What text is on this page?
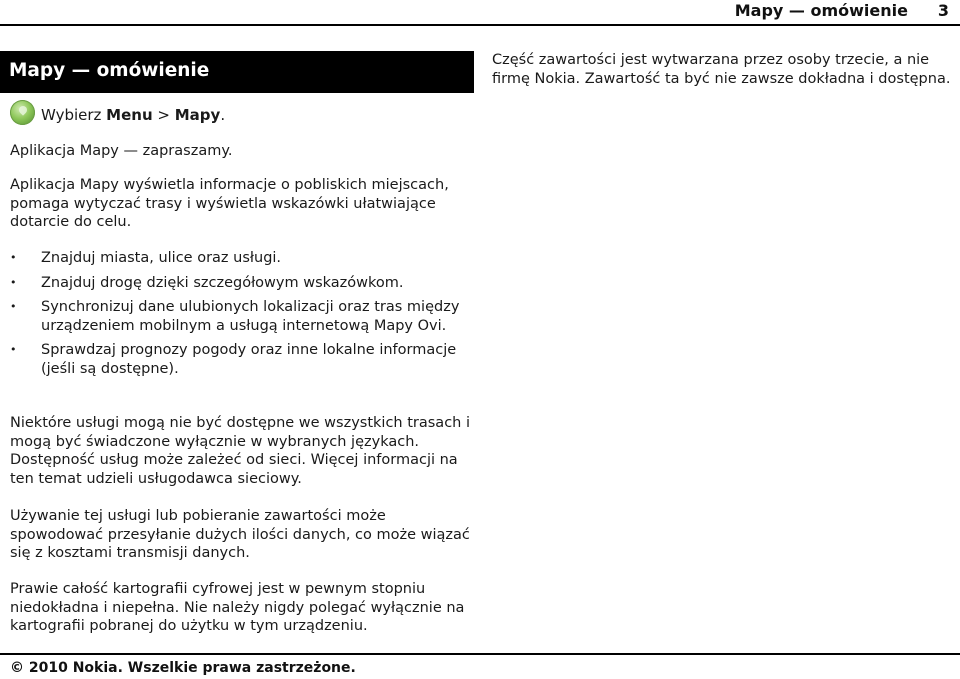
Mapy — omówienie 3
Mapy — omówienie
Wybierz Menu > Mapy.

Aplikacja Mapy — zapraszamy.

Aplikacja Mapy wyświetla informacje o pobliskich miejscach, pomaga wytyczać trasy i wyświetla wskazówki ułatwiające dotarcie do celu.

• Znajduj miasta, ulice oraz usługi.
• Znajduj drogę dzięki szczegółowym wskazówkom.
• Synchronizuj dane ulubionych lokalizacji oraz tras między urządzeniem mobilnym a usługą internetową Mapy Ovi.
• Sprawdzaj prognozy pogody oraz inne lokalne informacje (jeśli są dostępne).

Niektóre usługi mogą nie być dostępne we wszystkich trasach i mogą być świadczone wyłącznie w wybranych językach. Dostępność usług może zależeć od sieci. Więcej informacji na ten temat udzieli usługodawca sieciowy.

Używanie tej usługi lub pobieranie zawartości może spowodować przesyłanie dużych ilości danych, co może wiązać się z kosztami transmisji danych.

Prawie całość kartografii cyfrowej jest w pewnym stopniu niedokładna i niepełna. Nie należy nigdy polegać wyłącznie na kartografii pobranej do użytku w tym urządzeniu.

Część zawartości jest wytwarzana przez osoby trzecie, a nie firmę Nokia. Zawartość ta być nie zawsze dokładna i dostępna.

© 2010 Nokia. Wszelkie prawa zastrzeżone.
